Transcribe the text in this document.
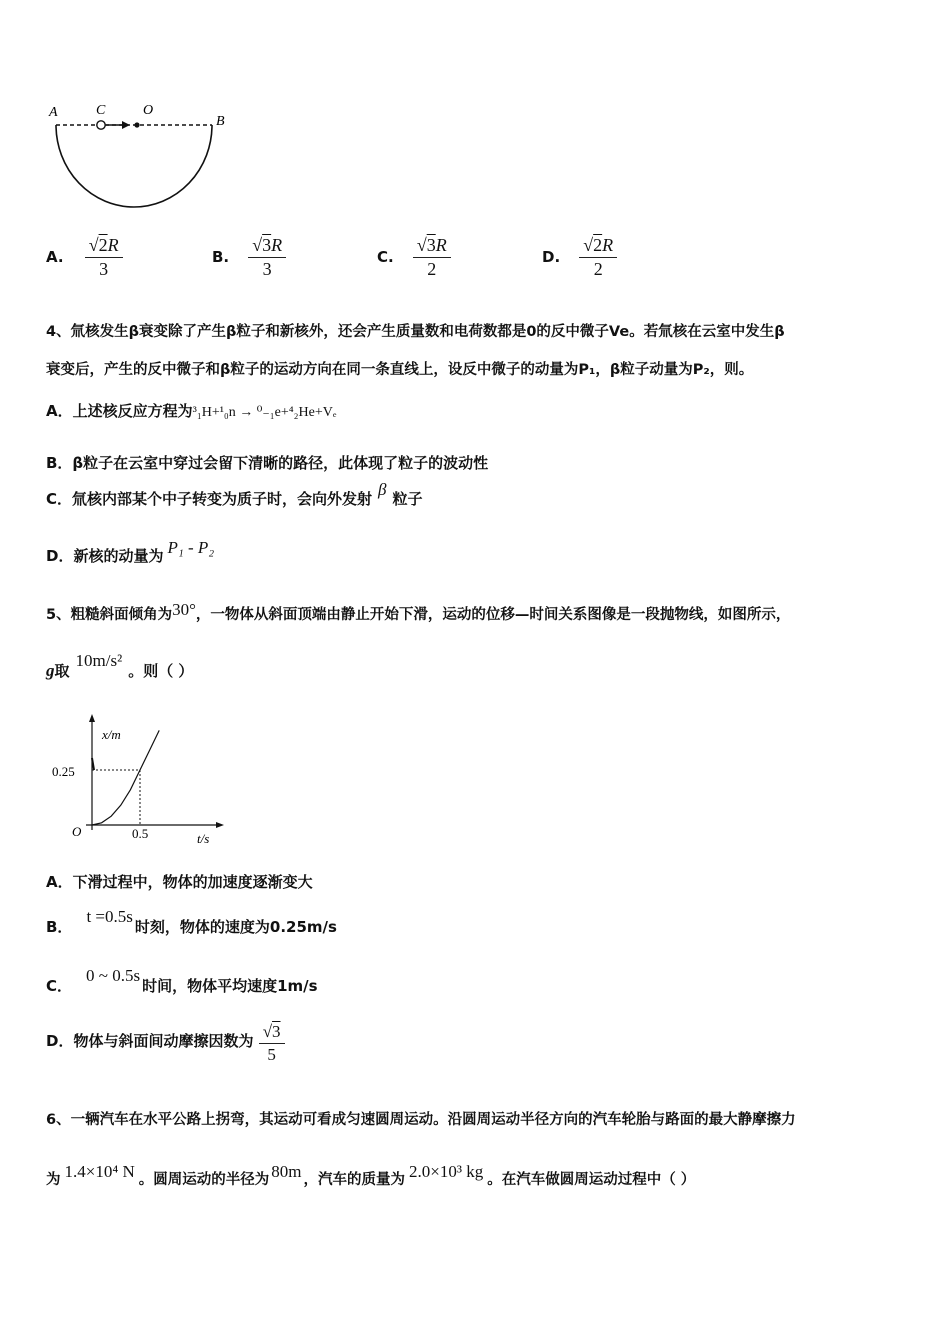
A	C	O
B
A. $\frac{√2R}{3}$	B. $\frac{√3R}{3}$	C. $\frac{√3R}{2}$	D. $\frac{√2R}{2}$
4、氚核发生β衰变除了产生β粒子和新核外，还会产生质量数和电荷数都是0的反中微子Ve。若氚核在云室中发生β
衰变后，产生的反中微子和β粒子的运动方向在同一条直线上，设反中微子的动量为P₁，β粒子动量为P₂，则。
A．上述核反应方程为³₁H+¹₀n → ⁰₋₁e+⁴₂He+Vₑ
B．β粒子在云室中穿过会留下清晰的路径，此体现了粒子的波动性
C．氚核内部某个中子转变为质子时，会向外发射 β 粒子
D．新核的动量为 P₁ - P₂
5、粗糙斜面倾角为30°，一物体从斜面顶端由静止开始下滑，运动的位移—时间关系图像是一段抛物线，如图所示，
g取10m/s²。则（ ）
x/m
t/s
O
0.25
0.5
A．下滑过程中，物体的加速度逐渐变大
B．t =0.5s时刻，物体的速度为0.25m/s
C．0 ~ 0.5s时间，物体平均速度1m/s
D．物体与斜面间动摩擦因数为 $\frac{√3}{5}$
6、一辆汽车在水平公路上拐弯，其运动可看成匀速圆周运动。沿圆周运动半径方向的汽车轮胎与路面的最大静摩擦力
为 1.4×10⁴ N 。圆周运动的半径为 80m ，汽车的质量为 2.0×10³ kg 。在汽车做圆周运动过程中（ ）
